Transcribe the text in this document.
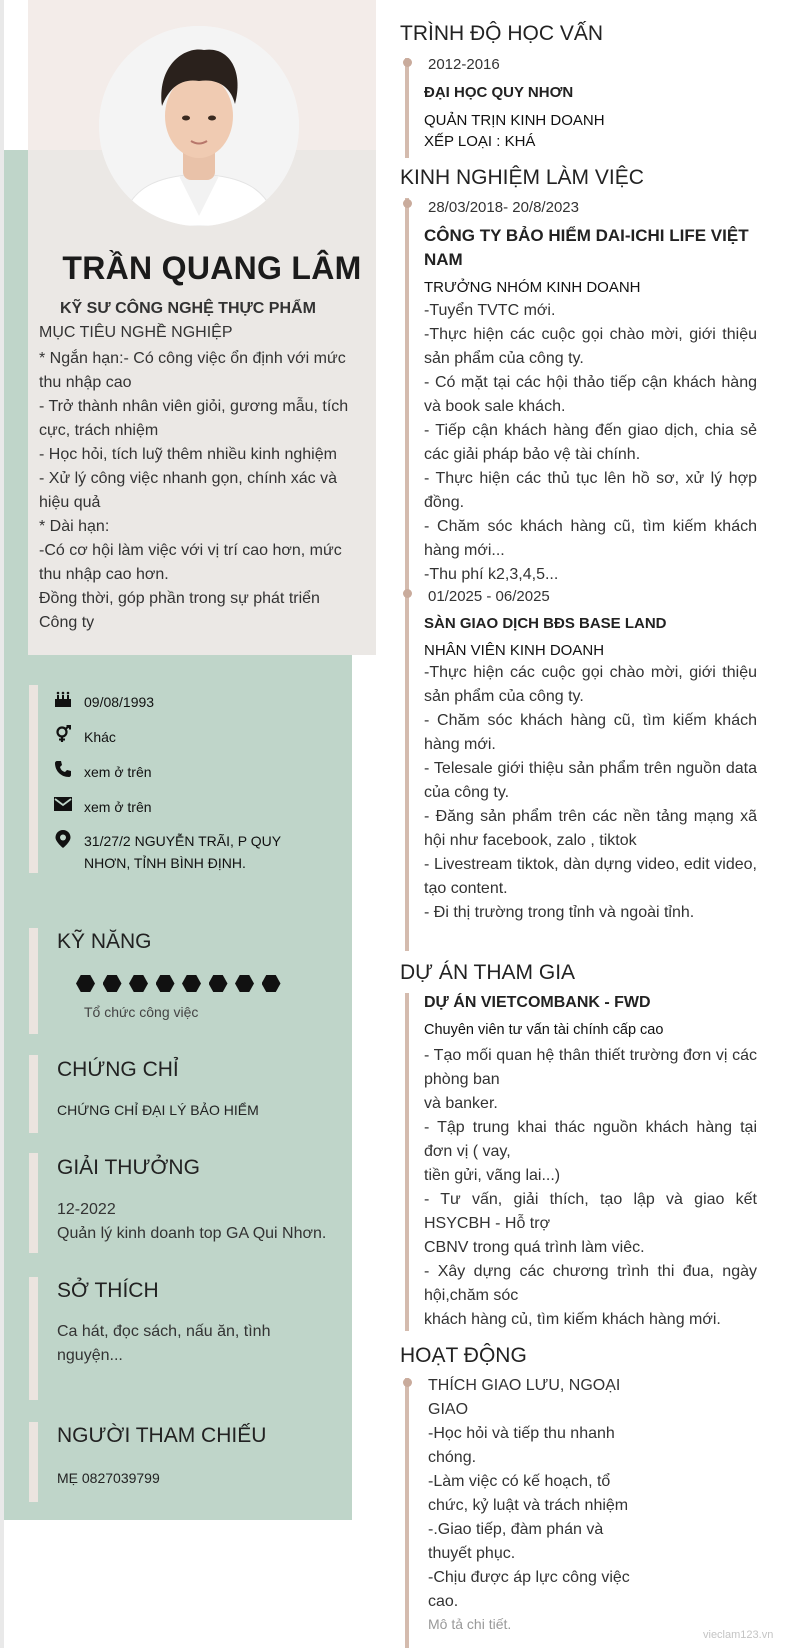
TRẦN QUANG LÂM
KỸ SƯ CÔNG NGHỆ THỰC PHẨM
MỤC TIÊU NGHỀ NGHIỆP
* Ngắn hạn:- Có công việc ổn định với mức
thu nhập cao
- Trở thành nhân viên giỏi, gương mẫu, tích
cực, trách nhiệm
- Học hỏi, tích luỹ thêm nhiều kinh nghiệm
- Xử lý công việc nhanh gọn, chính xác và
hiệu quả
* Dài hạn:
-Có cơ hội làm việc với vị trí cao hơn, mức
thu nhập cao hơn.
Đồng thời, góp phần trong sự phát triển
Công ty
09/08/1993
Khác
xem ở trên
xem ở trên
31/27/2 NGUYỄN TRÃI, P QUY NHƠN, TỈNH BÌNH ĐỊNH.
KỸ NĂNG
Tổ chức công việc
CHỨNG CHỈ
CHỨNG CHỈ ĐẠI LÝ BẢO HIỂM
GIẢI THƯỞNG
12-2022
Quản lý kinh doanh top GA Qui Nhơn.
SỞ THÍCH
Ca hát, đọc sách, nấu ăn, tình nguyện...
NGƯỜI THAM CHIẾU
MẸ 0827039799
TRÌNH ĐỘ HỌC VẤN
2012-2016
ĐẠI HỌC QUY NHƠN
QUẢN TRỊN KINH DOANH
XẾP LOẠI : KHÁ
KINH NGHIỆM LÀM VIỆC
28/03/2018- 20/8/2023
CÔNG TY BẢO HIỂM DAI-ICHI LIFE VIỆT NAM
TRƯỞNG NHÓM KINH DOANH
-Tuyển TVTC mới.
-Thực hiện các cuộc gọi chào mời, giới thiệu sản phẩm của công ty.
- Có mặt tại các hội thảo tiếp cận khách hàng và book sale khách.
- Tiếp cận khách hàng đến giao dịch, chia sẻ các giải pháp bảo vệ tài chính.
- Thực hiện các thủ tục lên hồ sơ, xử lý hợp đồng.
- Chăm sóc khách hàng cũ, tìm kiếm khách hàng mới...
-Thu phí k2,3,4,5...
01/2025 - 06/2025
SÀN GIAO DỊCH BĐS BASE LAND
NHÂN VIÊN KINH DOANH
-Thực hiện các cuộc gọi chào mời, giới thiệu sản phẩm của công ty.
- Chăm sóc khách hàng cũ, tìm kiếm khách hàng mới.
- Telesale giới thiệu sản phẩm trên nguồn data của công ty.
- Đăng sản phẩm trên các nền tảng mạng xã hội như facebook, zalo , tiktok
- Livestream tiktok, dàn dựng video, edit video, tạo content.
- Đi thị trường trong tỉnh và ngoài tỉnh.
DỰ ÁN THAM GIA
DỰ ÁN VIETCOMBANK - FWD
Chuyên viên tư vấn tài chính cấp cao
- Tạo mối quan hệ thân thiết trường đơn vị các phòng ban
và banker.
- Tập trung khai thác nguồn khách hàng tại đơn vị ( vay,
tiền gửi, vãng lai...)
- Tư vấn, giải thích, tạo lập và giao kết HSYCBH - Hỗ trợ
CBNV trong quá trình làm viêc.
- Xây dựng các chương trình thi đua, ngày hội,chăm sóc
khách hàng củ, tìm kiếm khách hàng mới.
HOẠT ĐỘNG
THÍCH GIAO LƯU, NGOẠI
GIAO
-Học hỏi và tiếp thu nhanh
chóng.
-Làm việc có kế hoạch, tổ
chức, kỷ luật và trách nhiệm
-.Giao tiếp, đàm phán và
thuyết phục.
-Chịu được áp lực công việc
cao.
Mô tả chi tiết.
vieclam123.vn
